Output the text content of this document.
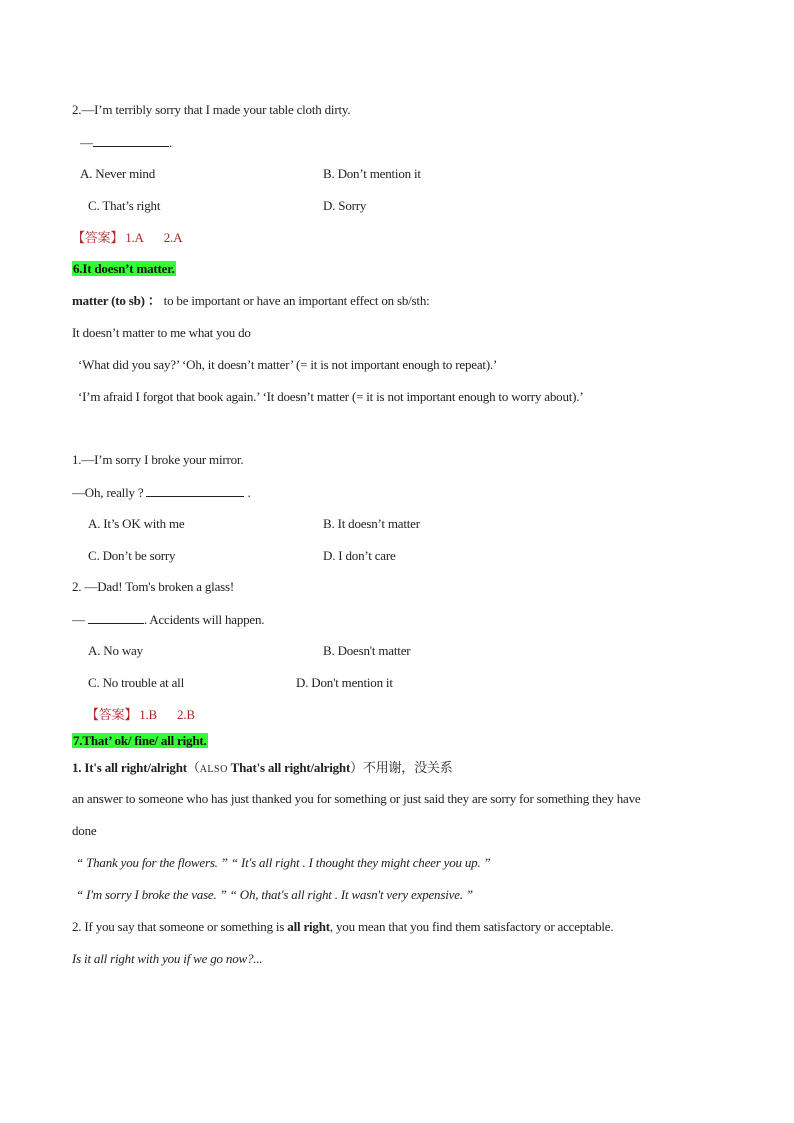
2.—I’m terribly sorry that I made your table cloth dirty.
—	.
A. Never mind	B. Don’t mention it
C. That’s right	D. Sorry
【答案】 1.A 2.A
6.It doesn’t matter.
matter (to sb) ： to be important or have an important effect on sb/sth:
It doesn’t matter to me what you do
‘What did you say?’ ‘Oh, it doesn’t matter’ (= it is not important enough to repeat).’
‘I’m afraid I forgot that book again.’ ‘It doesn’t matter (= it is not important enough to worry about).’
1.—I’m sorry I broke your mirror.
—Oh, really ?	.
A. It’s OK with me	B. It doesn’t matter
C. Don’t be sorry	D. I don’t care
2. —Dad! Tom's broken a glass!
—	. Accidents will happen.
A. No way	B. Doesn't matter
C. No trouble at all	D. Don't mention it
【答案】 1.B 2.B
7.That’ ok/ fine/ all right.
1. It's all right/alright（ALSO That's all right/alright）不用谢，没关系
an answer to someone who has just thanked you for something or just said they are sorry for something they have
done
“ Thank you for the flowers. ” “ It's all right . I thought they might cheer you up. ”
“ I'm sorry I broke the vase. ” “ Oh, that's all right . It wasn't very expensive. ”
2. If you say that someone or something is all right, you mean that you find them satisfactory or acceptable.
Is it all right with you if we go now?...
